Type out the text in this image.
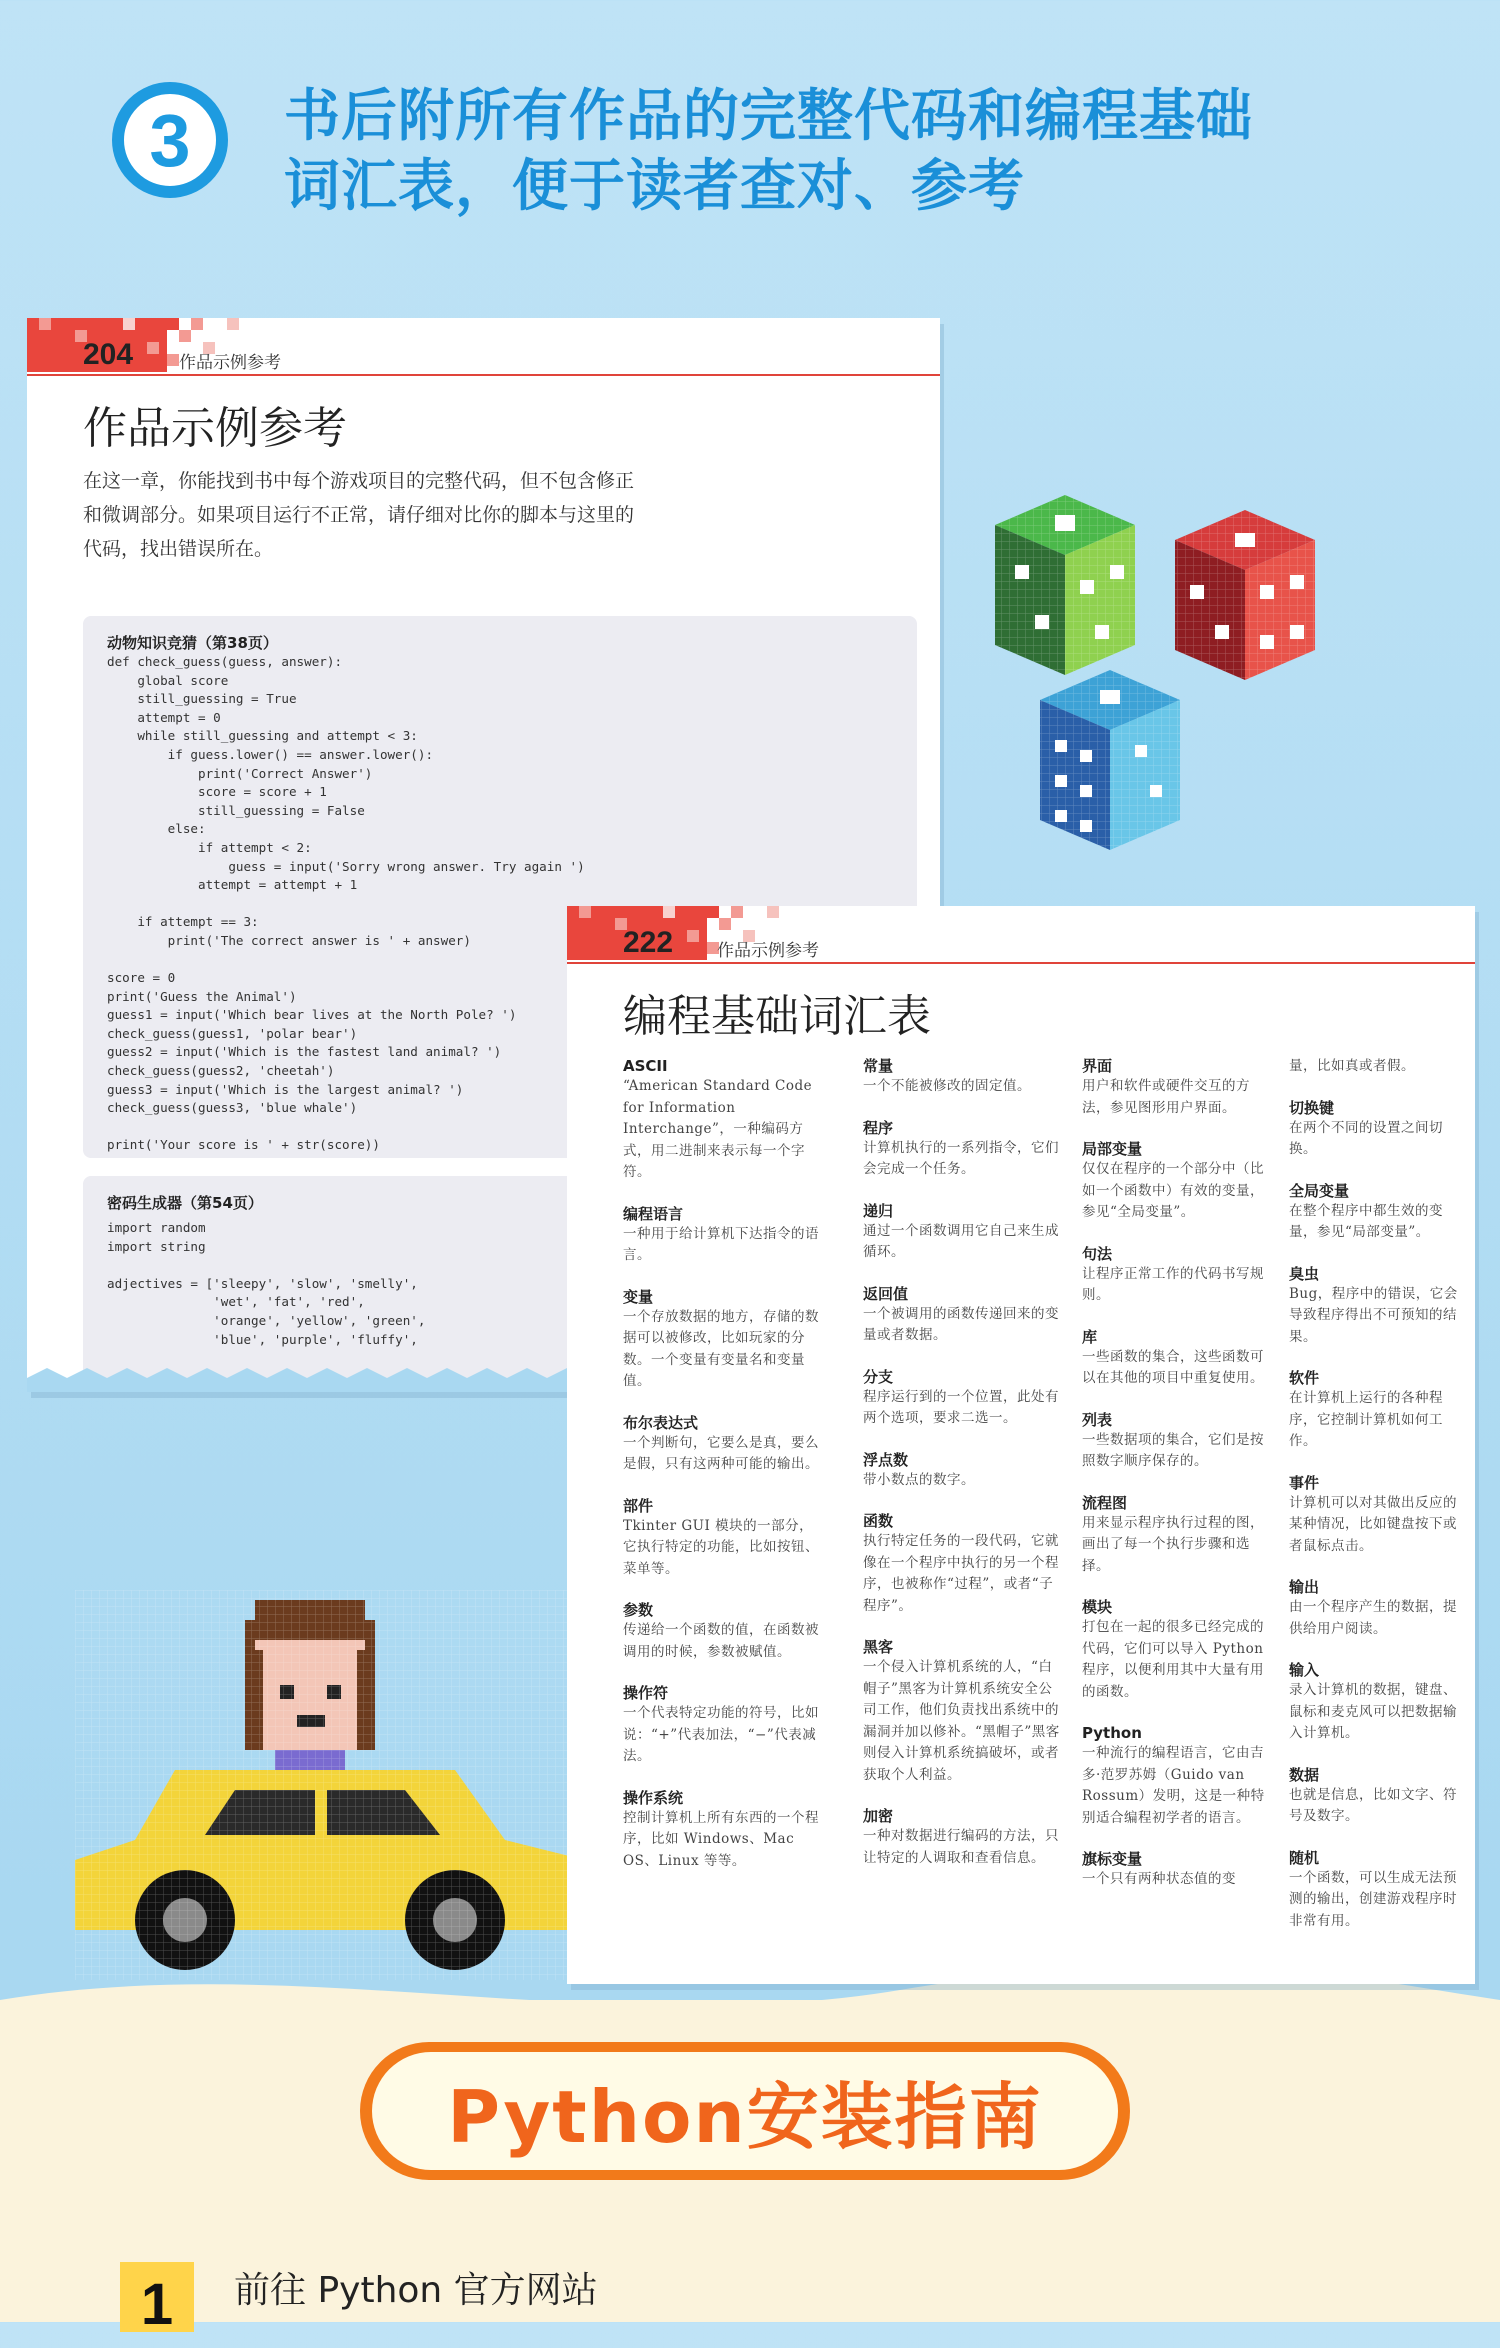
3 书后附所有作品的完整代码和编程基础
词汇表，便于读者查对、参考
204	作品示例参考
作品示例参考
在这一章，你能找到书中每个游戏项目的完整代码，但不包含修正
和微调部分。如果项目运行不正常，请仔细对比你的脚本与这里的
代码，找出错误所在。
动物知识竞猜（第38页）
def check_guess(guess, answer):
global score
still_guessing = True
attempt = 0
while still_guessing and attempt < 3:
if guess.lower() == answer.lower():
print('Correct Answer')
score = score + 1
still_guessing = False
else:
if attempt < 2:
guess = input('Sorry wrong answer. Try again ')
attempt = attempt + 1

if attempt == 3:
print('The correct answer is ' + answer)

score = 0
print('Guess the Animal')
guess1 = input('Which bear lives at the North Pole? ')
check_guess(guess1, 'polar bear')
guess2 = input('Which is the fastest land animal? ')
check_guess(guess2, 'cheetah')
guess3 = input('Which is the largest animal? ')
check_guess(guess3, 'blue whale')

print('Your score is ' + str(score))
密码生成器（第54页）
import random
import string

adjectives = ['sleepy', 'slow', 'smelly',
'wet', 'fat', 'red',
'orange', 'yellow', 'green',
'blue', 'purple', 'fluffy',
222	作品示例参考
编程基础词汇表
ASCII
“American Standard Code for Information Interchange”，一种编码方式，用二进制来表示每一个字符。
编程语言
一种用于给计算机下达指令的语言。
变量
一个存放数据的地方，存储的数据可以被修改，比如玩家的分数。一个变量有变量名和变量值。
布尔表达式
一个判断句，它要么是真，要么是假，只有这两种可能的输出。
部件
Tkinter GUI 模块的一部分，它执行特定的功能，比如按钮、菜单等。
参数
传递给一个函数的值，在函数被调用的时候，参数被赋值。
操作符
一个代表特定功能的符号，比如说：“+”代表加法，“−”代表减法。
操作系统
控制计算机上所有东西的一个程序，比如 Windows、Mac OS、Linux 等等。
常量
一个不能被修改的固定值。
程序
计算机执行的一系列指令，它们会完成一个任务。
递归
通过一个函数调用它自己来生成循环。
返回值
一个被调用的函数传递回来的变量或者数据。
分支
程序运行到的一个位置，此处有两个选项，要求二选一。
浮点数
带小数点的数字。
函数
执行特定任务的一段代码，它就像在一个程序中执行的另一个程序，也被称作“过程”，或者“子程序”。
黑客
一个侵入计算机系统的人，“白帽子”黑客为计算机系统安全公司工作，他们负责找出系统中的漏洞并加以修补。“黑帽子”黑客则侵入计算机系统搞破坏，或者获取个人利益。
加密
一种对数据进行编码的方法，只让特定的人调取和查看信息。
界面
用户和软件或硬件交互的方法，参见图形用户界面。
局部变量
仅仅在程序的一个部分中（比如一个函数中）有效的变量，参见“全局变量”。
句法
让程序正常工作的代码书写规则。
库
一些函数的集合，这些函数可以在其他的项目中重复使用。
列表
一些数据项的集合，它们是按照数字顺序保存的。
流程图
用来显示程序执行过程的图，画出了每一个执行步骤和选择。
模块
打包在一起的很多已经完成的代码，它们可以导入 Python 程序，以便利用其中大量有用的函数。
Python
一种流行的编程语言，它由吉多·范罗苏姆（Guido van Rossum）发明，这是一种特别适合编程初学者的语言。
旗标变量
一个只有两种状态值的变
量，比如真或者假。
切换键
在两个不同的设置之间切换。
全局变量
在整个程序中都生效的变量，参见“局部变量”。
臭虫
Bug，程序中的错误，它会导致程序得出不可预知的结果。
软件
在计算机上运行的各种程序，它控制计算机如何工作。
事件
计算机可以对其做出反应的某种情况，比如键盘按下或者鼠标点击。
输出
由一个程序产生的数据，提供给用户阅读。
输入
录入计算机的数据，键盘、鼠标和麦克风可以把数据输入计算机。
数据
也就是信息，比如文字、符号及数字。
随机
一个函数，可以生成无法预测的输出，创建游戏程序时非常有用。
Python安装指南
1	前往 Python 官方网站
